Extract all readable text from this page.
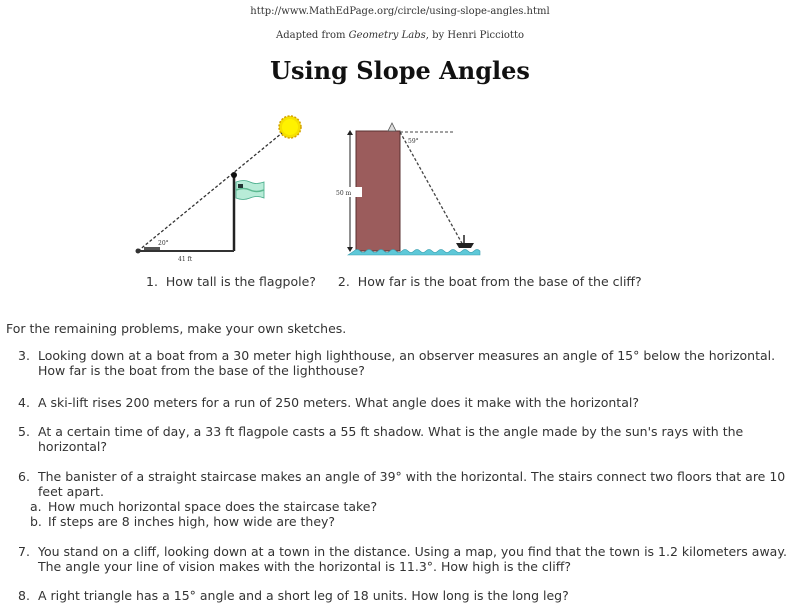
http://www.MathEdPage.org/circle/using-slope-angles.html
Adapted from Geometry Labs, by Henri Picciotto
Using Slope Angles
20°
41 ft
59°
50 m
1. How tall is the flagpole? 2. How far is the boat from the base of the cliff?
For the remaining problems, make your own sketches.
3. Looking down at a boat from a 30 meter high lighthouse, an observer measures an angle of 15° below the horizontal. How far is the boat from the base of the lighthouse?
4. A ski-lift rises 200 meters for a run of 250 meters. What angle does it make with the horizontal?
5. At a certain time of day, a 33 ft flagpole casts a 55 ft shadow. What is the angle made by the sun's rays with the horizontal?
6. The banister of a straight staircase makes an angle of 39° with the horizontal. The stairs connect two floors that are 10 feet apart.
a. How much horizontal space does the staircase take?
b. If steps are 8 inches high, how wide are they?
7. You stand on a cliff, looking down at a town in the distance. Using a map, you find that the town is 1.2 kilometers away. The angle your line of vision makes with the horizontal is 11.3°. How high is the cliff?
8. A right triangle has a 15° angle and a short leg of 18 units. How long is the long leg?
